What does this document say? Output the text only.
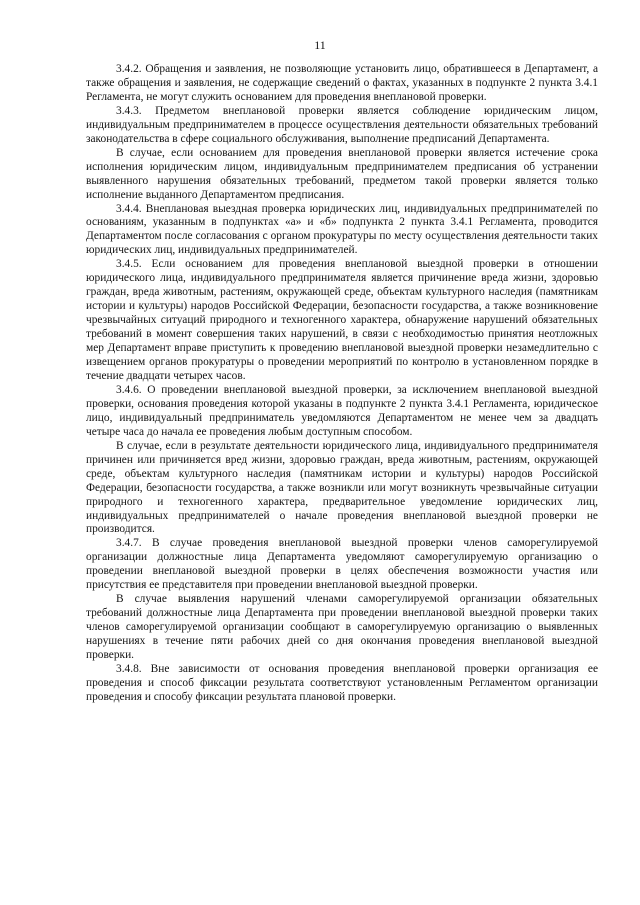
11

3.4.2. Обращения и заявления, не позволяющие установить лицо, обратившееся в Департамент, а также обращения и заявления, не содержащие сведений о фактах, указанных в подпункте 2 пункта 3.4.1 Регламента, не могут служить основанием для проведения внеплановой проверки.

3.4.3. Предметом внеплановой проверки является соблюдение юридическим лицом, индивидуальным предпринимателем в процессе осуществления деятельности обязательных требований законодательства в сфере социального обслуживания, выполнение предписаний Департамента.

В случае, если основанием для проведения внеплановой проверки является истечение срока исполнения юридическим лицом, индивидуальным предпринимателем предписания об устранении выявленного нарушения обязательных требований, предметом такой проверки является только исполнение выданного Департаментом предписания.

3.4.4. Внеплановая выездная проверка юридических лиц, индивидуальных предпринимателей по основаниям, указанным в подпунктах «а» и «б» подпункта 2 пункта 3.4.1 Регламента, проводится Департаментом после согласования с органом прокуратуры по месту осуществления деятельности таких юридических лиц, индивидуальных предпринимателей.

3.4.5. Если основанием для проведения внеплановой выездной проверки в отношении юридического лица, индивидуального предпринимателя является причинение вреда жизни, здоровью граждан, вреда животным, растениям, окружающей среде, объектам культурного наследия (памятникам истории и культуры) народов Российской Федерации, безопасности государства, а также возникновение чрезвычайных ситуаций природного и техногенного характера, обнаружение нарушений обязательных требований в момент совершения таких нарушений, в связи с необходимостью принятия неотложных мер Департамент вправе приступить к проведению внеплановой выездной проверки незамедлительно с извещением органов прокуратуры о проведении мероприятий по контролю в установленном порядке в течение двадцати четырех часов.

3.4.6. О проведении внеплановой выездной проверки, за исключением внеплановой выездной проверки, основания проведения которой указаны в подпункте 2 пункта 3.4.1 Регламента, юридическое лицо, индивидуальный предприниматель уведомляются Департаментом не менее чем за двадцать четыре часа до начала ее проведения любым доступным способом.

В случае, если в результате деятельности юридического лица, индивидуального предпринимателя причинен или причиняется вред жизни, здоровью граждан, вреда животным, растениям, окружающей среде, объектам культурного наследия (памятникам истории и культуры) народов Российской Федерации, безопасности государства, а также возникли или могут возникнуть чрезвычайные ситуации природного и техногенного характера, предварительное уведомление юридических лиц, индивидуальных предпринимателей о начале проведения внеплановой выездной проверки не производится.

3.4.7. В случае проведения внеплановой выездной проверки членов саморегулируемой организации должностные лица Департамента уведомляют саморегулируемую организацию о проведении внеплановой выездной проверки в целях обеспечения возможности участия или присутствия ее представителя при проведении внеплановой выездной проверки.

В случае выявления нарушений членами саморегулируемой организации обязательных требований должностные лица Департамента при проведении внеплановой выездной проверки таких членов саморегулируемой организации сообщают в саморегулируемую организацию о выявленных нарушениях в течение пяти рабочих дней со дня окончания проведения внеплановой выездной проверки.

3.4.8. Вне зависимости от основания проведения внеплановой проверки организация ее проведения и способ фиксации результата соответствуют установленным Регламентом организации проведения и способу фиксации результата плановой проверки.
